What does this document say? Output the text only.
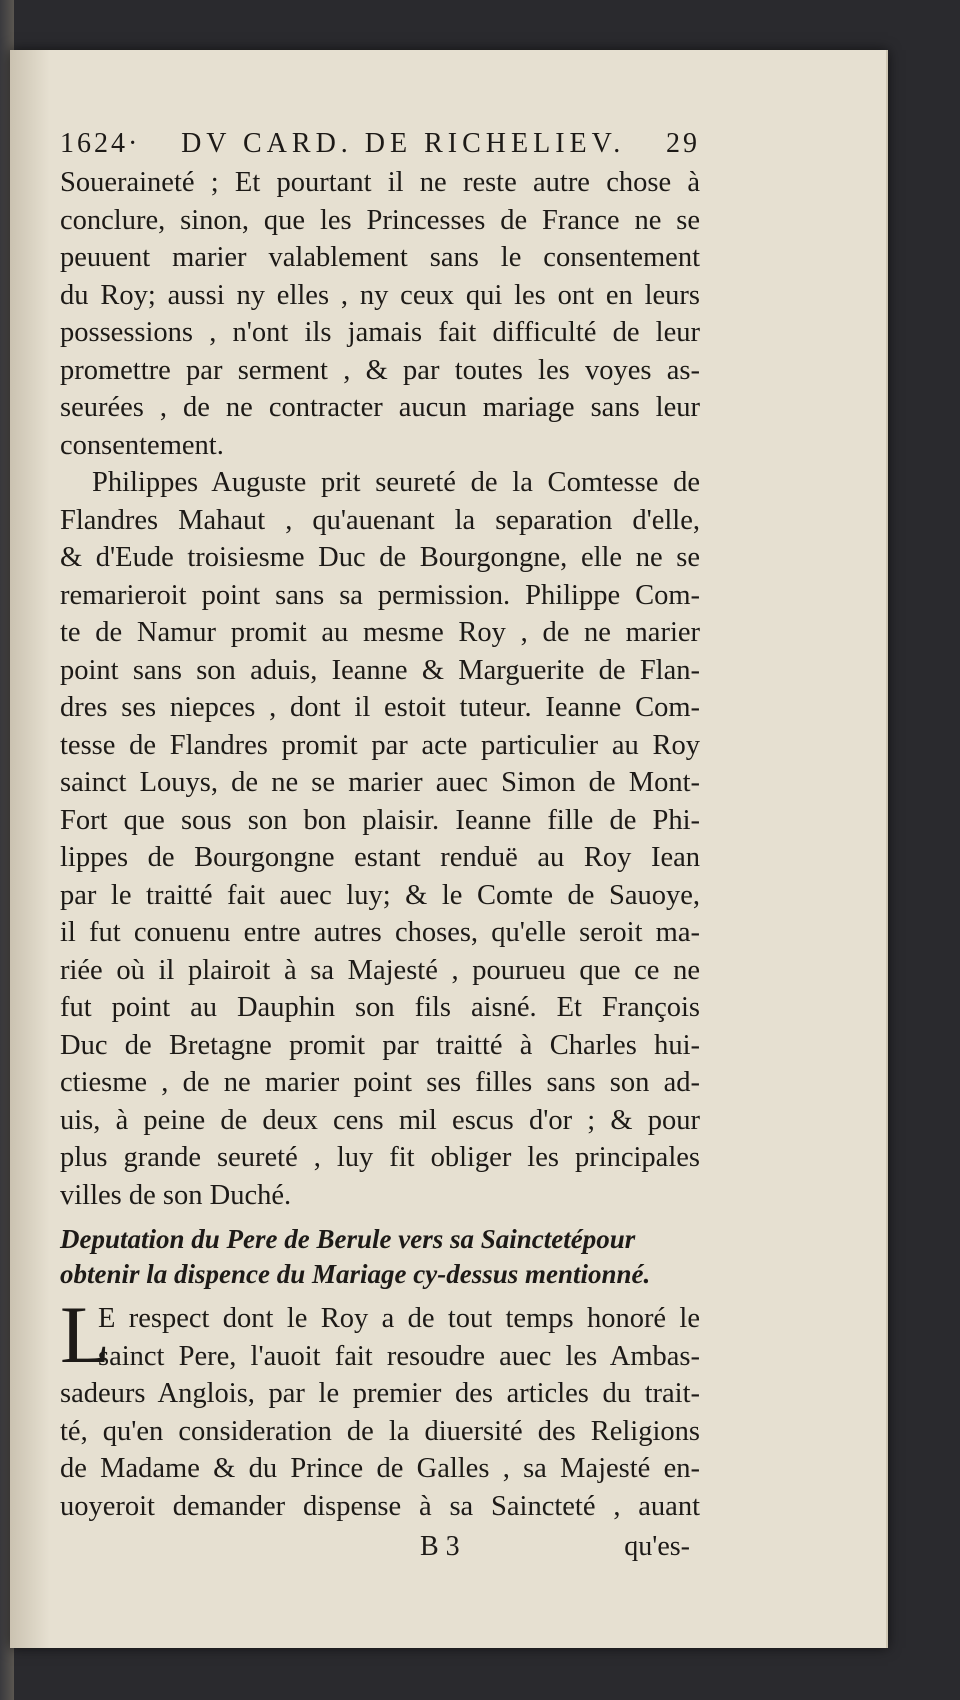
1624· DV CARD. DE RICHELIEV. 29
Soueraineté ; Et pourtant il ne reste autre chose à
conclure, sinon, que les Princesses de France ne se
peuuent marier valablement sans le consentement
du Roy; aussi ny elles , ny ceux qui les ont en leurs
possessions , n'ont ils jamais fait difficulté de leur
promettre par serment , & par toutes les voyes as-
seurées , de ne contracter aucun mariage sans leur
consentement.
Philippes Auguste prit seureté de la Comtesse de
Flandres Mahaut , qu'auenant la separation d'elle,
& d'Eude troisiesme Duc de Bourgongne, elle ne se
remarieroit point sans sa permission. Philippe Com-
te de Namur promit au mesme Roy , de ne marier
point sans son aduis, Ieanne & Marguerite de Flan-
dres ses niepces , dont il estoit tuteur. Ieanne Com-
tesse de Flandres promit par acte particulier au Roy
sainct Louys, de ne se marier auec Simon de Mont-
Fort que sous son bon plaisir. Ieanne fille de Phi-
lippes de Bourgongne estant renduë au Roy Iean
par le traitté fait auec luy; & le Comte de Sauoye,
il fut conuenu entre autres choses, qu'elle seroit ma-
riée où il plairoit à sa Majesté , pourueu que ce ne
fut point au Dauphin son fils aisné. Et François
Duc de Bretagne promit par traitté à Charles hui-
ctiesme , de ne marier point ses filles sans son ad-
uis, à peine de deux cens mil escus d'or ; & pour
plus grande seureté , luy fit obliger les principales
villes de son Duché.
Deputation du Pere de Berule vers sa Sainctetépour
obtenir la dispence du Mariage cy-dessus mentionné.
L
E respect dont le Roy a de tout temps honoré le
sainct Pere, l'auoit fait resoudre auec les Ambas-
sadeurs Anglois, par le premier des articles du trait-
té, qu'en consideration de la diuersité des Religions
de Madame & du Prince de Galles , sa Majesté en-
uoyeroit demander dispense à sa Saincteté , auant
B 3	qu'es-
